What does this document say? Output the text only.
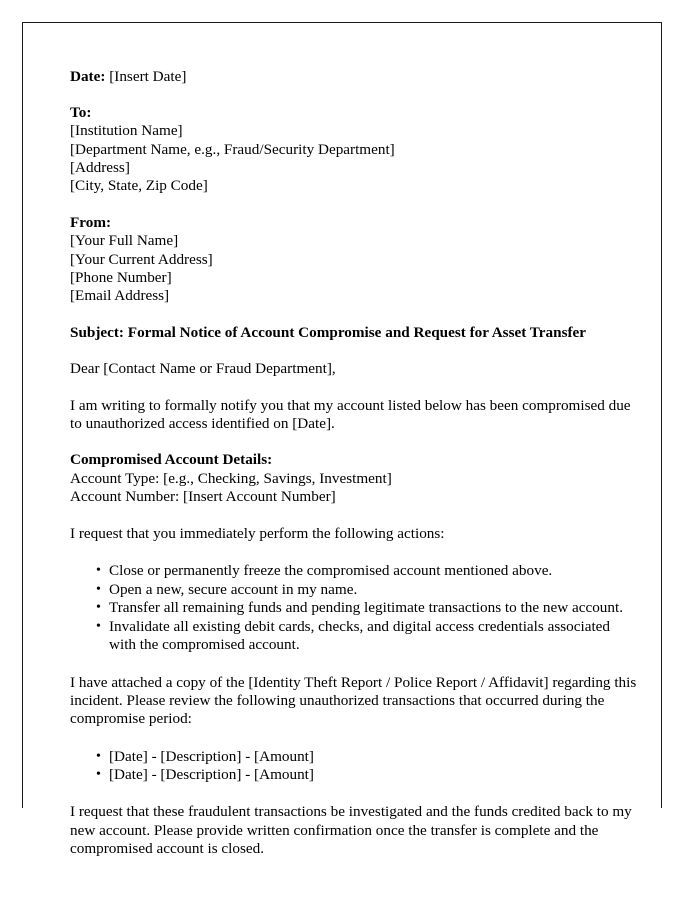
Date: [Insert Date]
To:
[Institution Name]
[Department Name, e.g., Fraud/Security Department]
[Address]
[City, State, Zip Code]
From:
[Your Full Name]
[Your Current Address]
[Phone Number]
[Email Address]
Subject: Formal Notice of Account Compromise and Request for Asset Transfer
Dear [Contact Name or Fraud Department],

I am writing to formally notify you that my account listed below has been compromised due to unauthorized access identified on [Date].

Compromised Account Details:
Account Type: [e.g., Checking, Savings, Investment]
Account Number: [Insert Account Number]

I request that you immediately perform the following actions:

• Close or permanently freeze the compromised account mentioned above.
• Open a new, secure account in my name.
• Transfer all remaining funds and pending legitimate transactions to the new account.
• Invalidate all existing debit cards, checks, and digital access credentials associated with the compromised account.

I have attached a copy of the [Identity Theft Report / Police Report / Affidavit] regarding this incident. Please review the following unauthorized transactions that occurred during the compromise period:

• [Date] - [Description] - [Amount]
• [Date] - [Description] - [Amount]

I request that these fraudulent transactions be investigated and the funds credited back to my new account. Please provide written confirmation once the transfer is complete and the compromised account is closed.
